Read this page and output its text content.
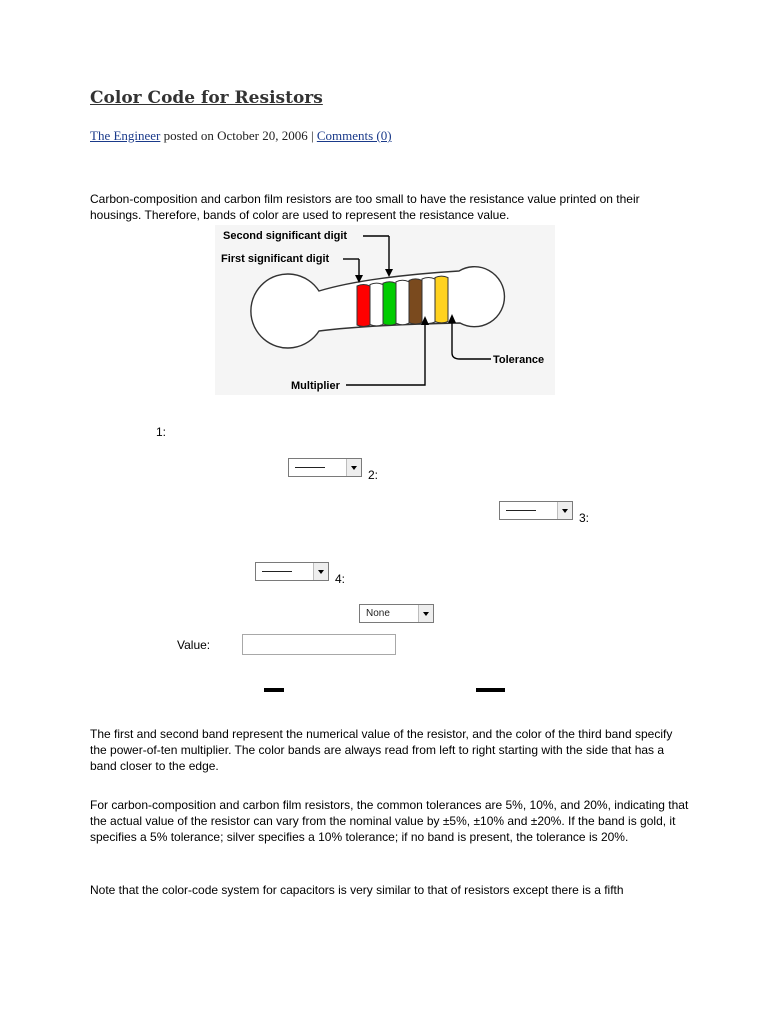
Color Code for Resistors
The Engineer posted on October 20, 2006 | Comments (0)

Carbon-composition and carbon film resistors are too small to have the resistance value printed on their housings. Therefore, bands of color are used to represent the resistance value.

Second significant digit
First significant digit
Multiplier
Tolerance
1:
2:
3:
4:
None
Value:

The first and second band represent the numerical value of the resistor, and the color of the third band specify the power-of-ten multiplier. The color bands are always read from left to right starting with the side that has a band closer to the edge.

For carbon-composition and carbon film resistors, the common tolerances are 5%, 10%, and 20%, indicating that the actual value of the resistor can vary from the nominal value by ±5%, ±10% and ±20%. If the band is gold, it specifies a 5% tolerance; silver specifies a 10% tolerance; if no band is present, the tolerance is 20%.

Note that the color-code system for capacitors is very similar to that of resistors except there is a fifth
